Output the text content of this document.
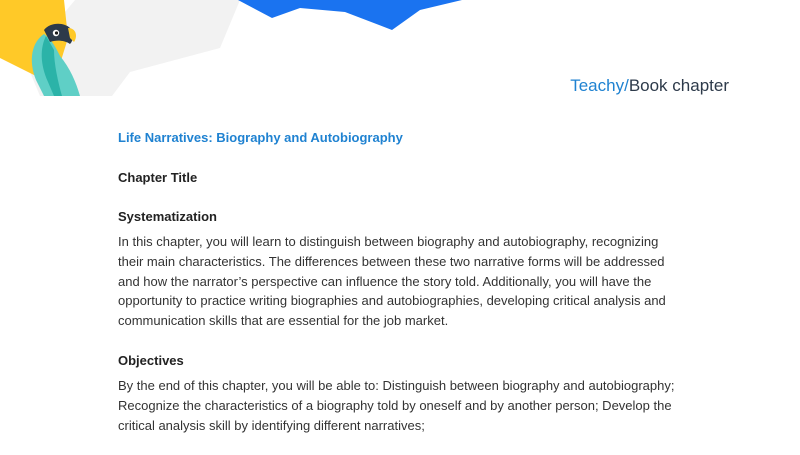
Teachy/Book chapter
Life Narratives: Biography and Autobiography
Chapter Title
Systematization

In this chapter, you will learn to distinguish between biography and autobiography, recognizing their main characteristics. The differences between these two narrative forms will be addressed and how the narrator’s perspective can influence the story told. Additionally, you will have the opportunity to practice writing biographies and autobiographies, developing critical analysis and communication skills that are essential for the job market.

Objectives

By the end of this chapter, you will be able to: Distinguish between biography and autobiography; Recognize the characteristics of a biography told by oneself and by another person; Develop the critical analysis skill by identifying different narratives;
